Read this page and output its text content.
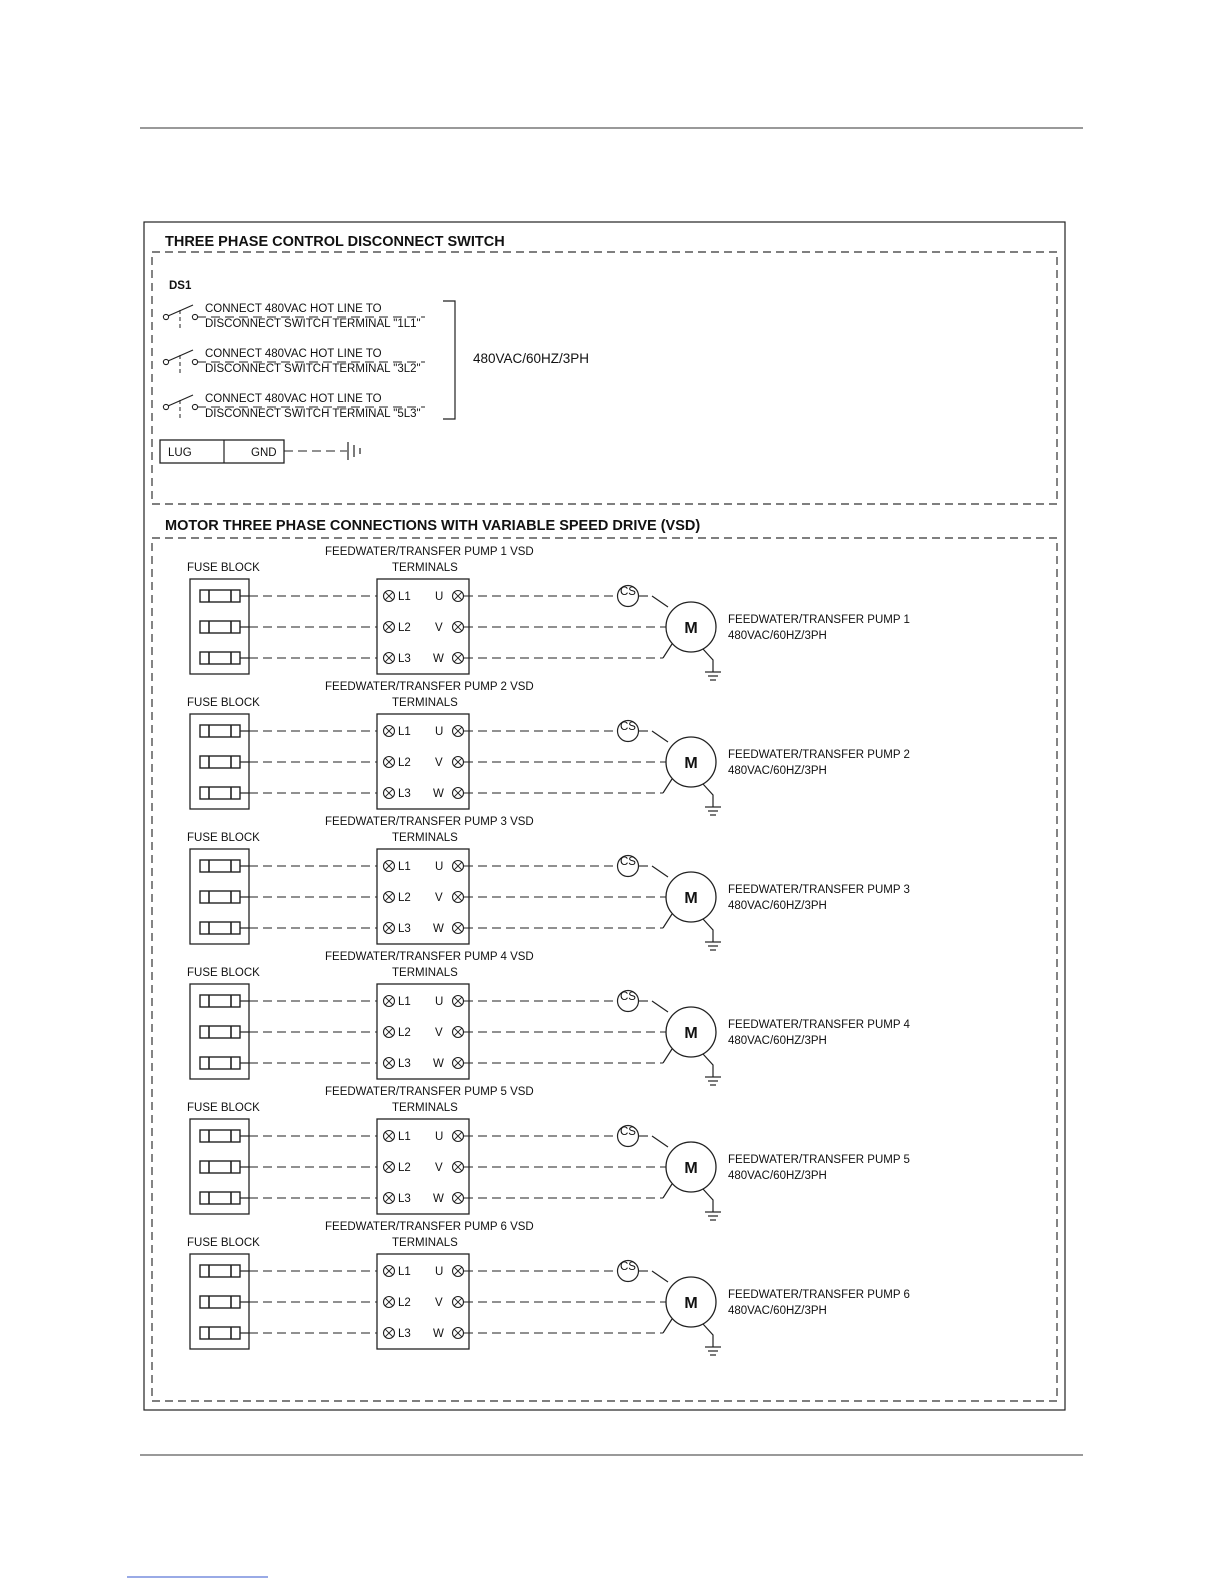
THREE PHASE CONTROL DISCONNECT SWITCH
DS1
CONNECT 480VAC HOT LINE TO
DISCONNECT SWITCH TERMINAL "1L1"
CONNECT 480VAC HOT LINE TO
DISCONNECT SWITCH TERMINAL "3L2"
CONNECT 480VAC HOT LINE TO
DISCONNECT SWITCH TERMINAL "5L3"
480VAC/60HZ/3PH
LUG	GND
MOTOR THREE PHASE CONNECTIONS WITH VARIABLE SPEED DRIVE (VSD)
FEEDWATER/TRANSFER PUMP 1 VSD
TERMINALS
FUSE BLOCK
L1 U
L2 V
L3 W
CS
M	FEEDWATER/TRANSFER PUMP 1
480VAC/60HZ/3PH
FEEDWATER/TRANSFER PUMP 2 VSD
TERMINALS
FUSE BLOCK
L1 U
L2 V
L3 W
CS
M	FEEDWATER/TRANSFER PUMP 2
480VAC/60HZ/3PH
FEEDWATER/TRANSFER PUMP 3 VSD
TERMINALS
FUSE BLOCK
L1 U
L2 V
L3 W
CS
M	FEEDWATER/TRANSFER PUMP 3
480VAC/60HZ/3PH
FEEDWATER/TRANSFER PUMP 4 VSD
TERMINALS
FUSE BLOCK
L1 U
L2 V
L3 W
CS
M	FEEDWATER/TRANSFER PUMP 4
480VAC/60HZ/3PH
FEEDWATER/TRANSFER PUMP 5 VSD
TERMINALS
FUSE BLOCK
L1 U
L2 V
L3 W
CS
M	FEEDWATER/TRANSFER PUMP 5
480VAC/60HZ/3PH
FEEDWATER/TRANSFER PUMP 6 VSD
TERMINALS
FUSE BLOCK
L1 U
L2 V
L3 W
CS
M	FEEDWATER/TRANSFER PUMP 6
480VAC/60HZ/3PH
